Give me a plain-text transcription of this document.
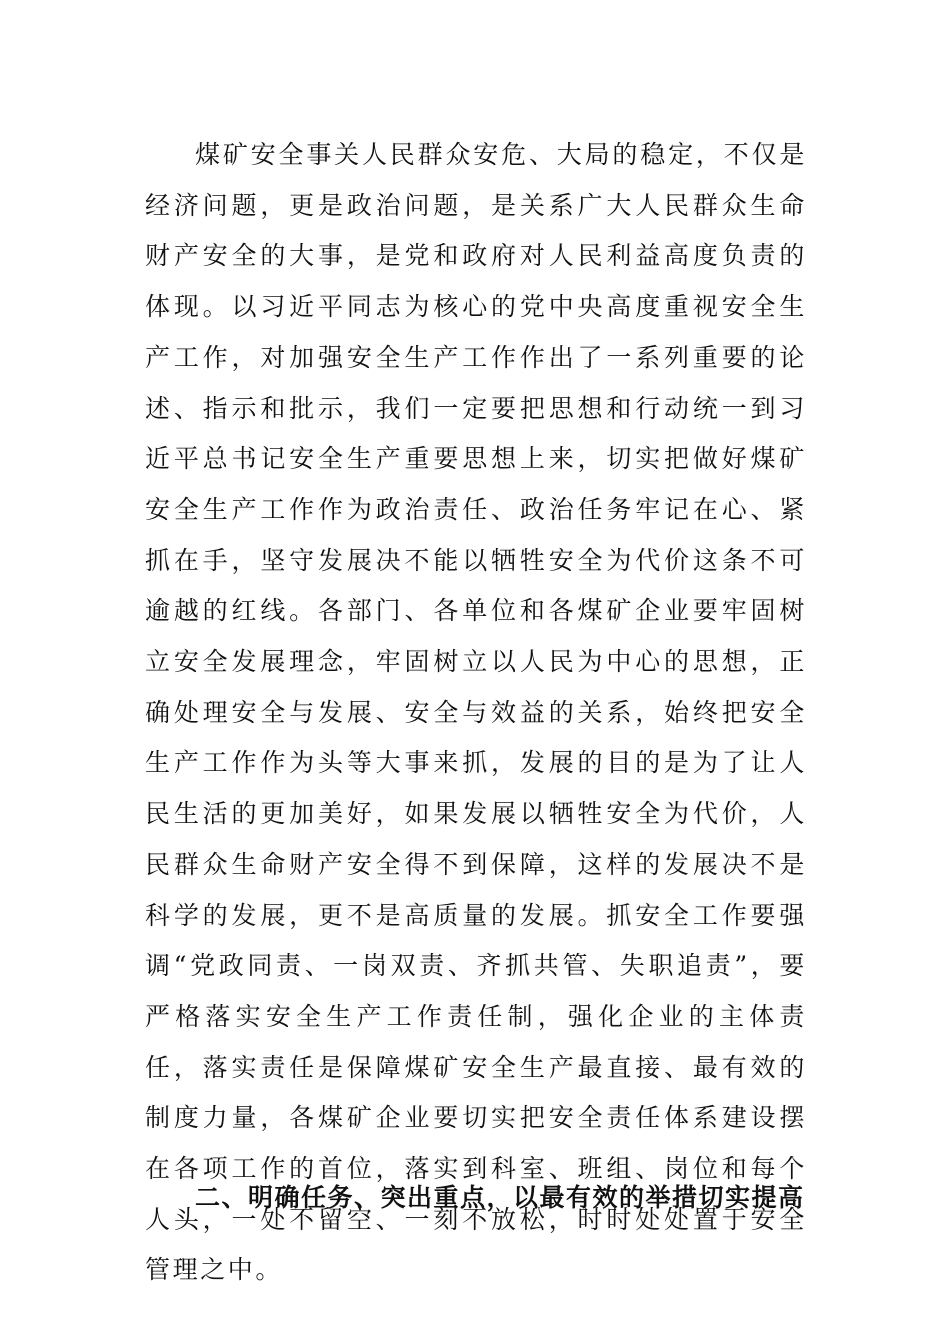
煤矿安全事关人民群众安危、大局的稳定，不仅是经济问题，更是政治问题，是关系广大人民群众生命财产安全的大事，是党和政府对人民利益高度负责的体现。以习近平同志为核心的党中央高度重视安全生产工作，对加强安全生产工作作出了一系列重要的论述、指示和批示，我们一定要把思想和行动统一到习近平总书记安全生产重要思想上来，切实把做好煤矿安全生产工作作为政治责任、政治任务牢记在心、紧抓在手，坚守发展决不能以牺牲安全为代价这条不可逾越的红线。各部门、各单位和各煤矿企业要牢固树立安全发展理念，牢固树立以人民为中心的思想，正确处理安全与发展、安全与效益的关系，始终把安全生产工作作为头等大事来抓，发展的目的是为了让人民生活的更加美好，如果发展以牺牲安全为代价，人民群众生命财产安全得不到保障，这样的发展决不是科学的发展，更不是高质量的发展。抓安全工作要强调“党政同责、一岗双责、齐抓共管、失职追责”，要严格落实安全生产工作责任制，强化企业的主体责任，落实责任是保障煤矿安全生产最直接、最有效的制度力量，各煤矿企业要切实把安全责任体系建设摆在各项工作的首位，落实到科室、班组、岗位和每个人头，一处不留空、一刻不放松，时时处处置于安全管理之中。

二、明确任务、突出重点，以最有效的举措切实提高
